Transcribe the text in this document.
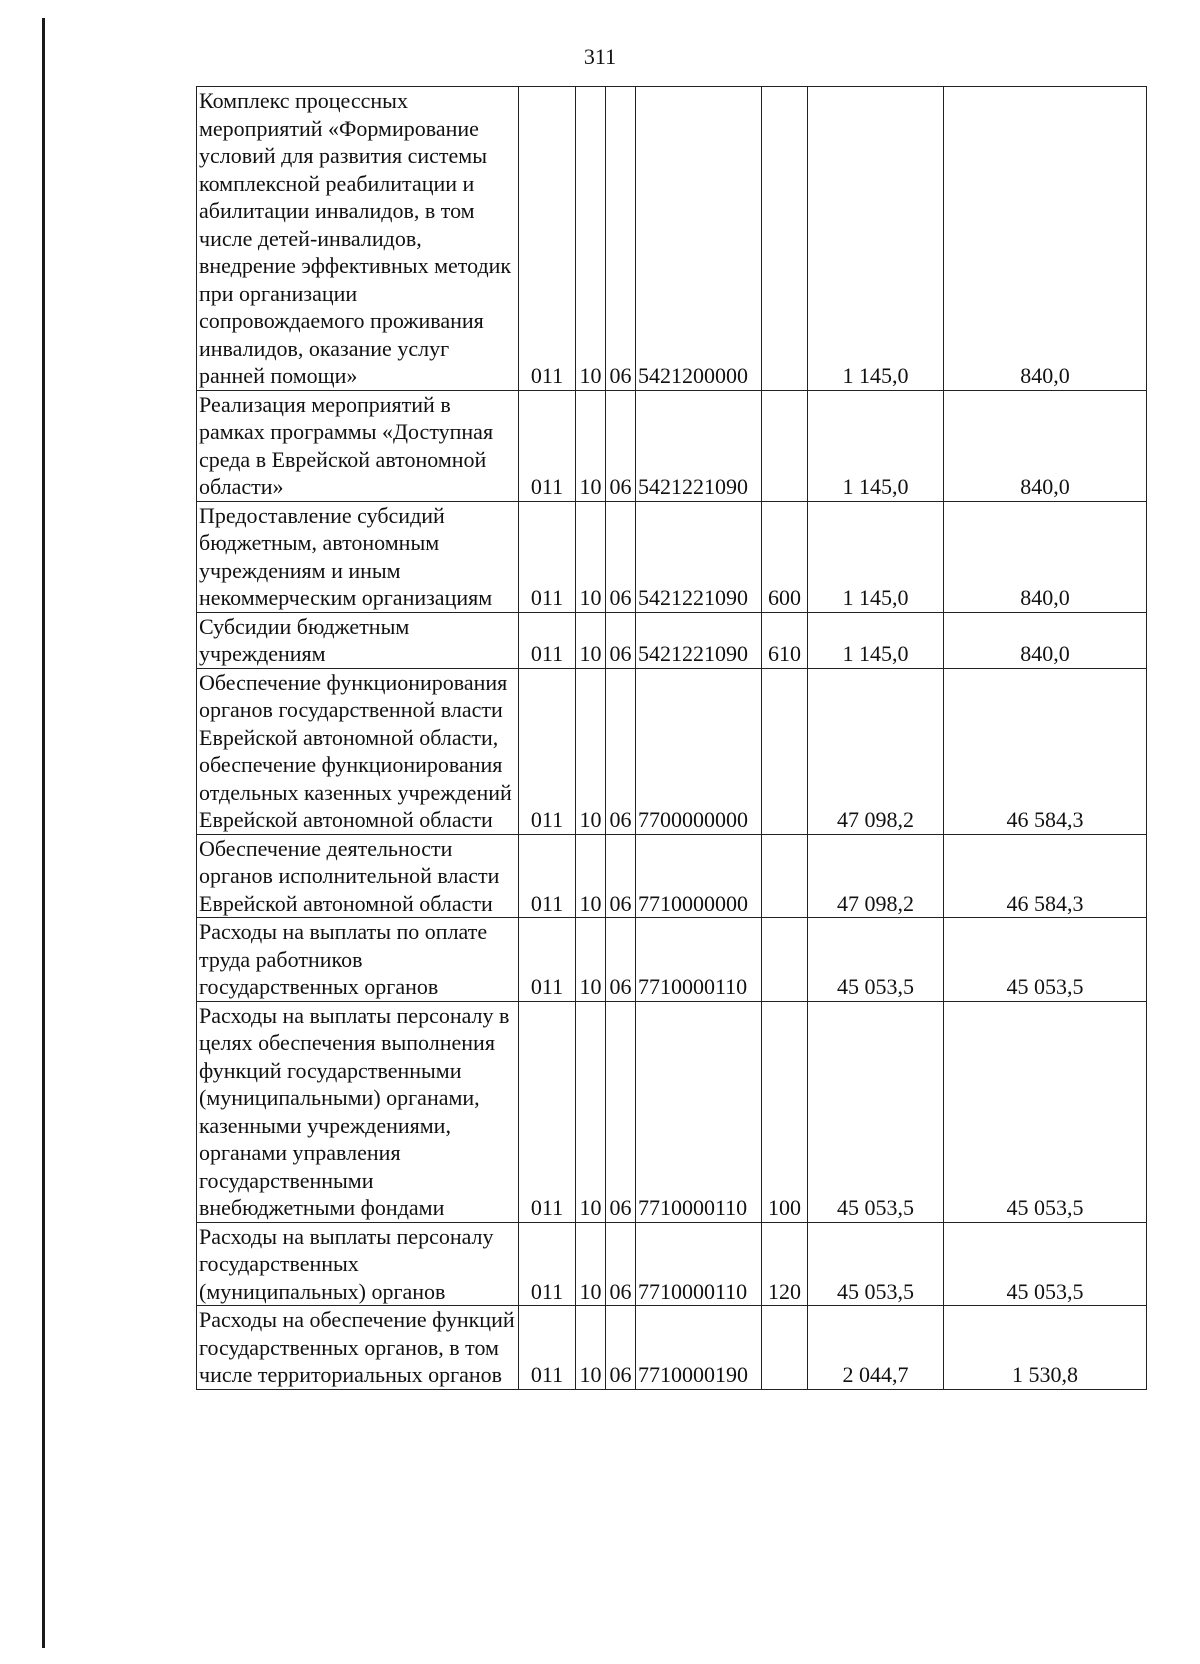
311
Комплекс процессных мероприятий «Формирование условий для развития системы комплексной реабилитации и абилитации инвалидов, в том числе детей-инвалидов, внедрение эффективных методик при организации сопровождаемого проживания инвалидов, оказание услуг ранней помощи»	011	10	06	5421200000		1 145,0	840,0
Реализация мероприятий в рамках программы «Доступная среда в Еврейской автономной области»	011	10	06	5421221090		1 145,0	840,0
Предоставление субсидий бюджетным, автономным учреждениям и иным некоммерческим организациям	011	10	06	5421221090	600	1 145,0	840,0
Субсидии бюджетным учреждениям	011	10	06	5421221090	610	1 145,0	840,0
Обеспечение функционирования органов государственной власти Еврейской автономной области, обеспечение функционирования отдельных казенных учреждений Еврейской автономной области	011	10	06	7700000000		47 098,2	46 584,3
Обеспечение деятельности органов исполнительной власти Еврейской автономной области	011	10	06	7710000000		47 098,2	46 584,3
Расходы на выплаты по оплате труда работников государственных органов	011	10	06	7710000110		45 053,5	45 053,5
Расходы на выплаты персоналу в целях обеспечения выполнения функций государственными (муниципальными) органами, казенными учреждениями, органами управления государственными внебюджетными фондами	011	10	06	7710000110	100	45 053,5	45 053,5
Расходы на выплаты персоналу государственных (муниципальных) органов	011	10	06	7710000110	120	45 053,5	45 053,5
Расходы на обеспечение функций государственных органов, в том числе территориальных органов	011	10	06	7710000190		2 044,7	1 530,8
